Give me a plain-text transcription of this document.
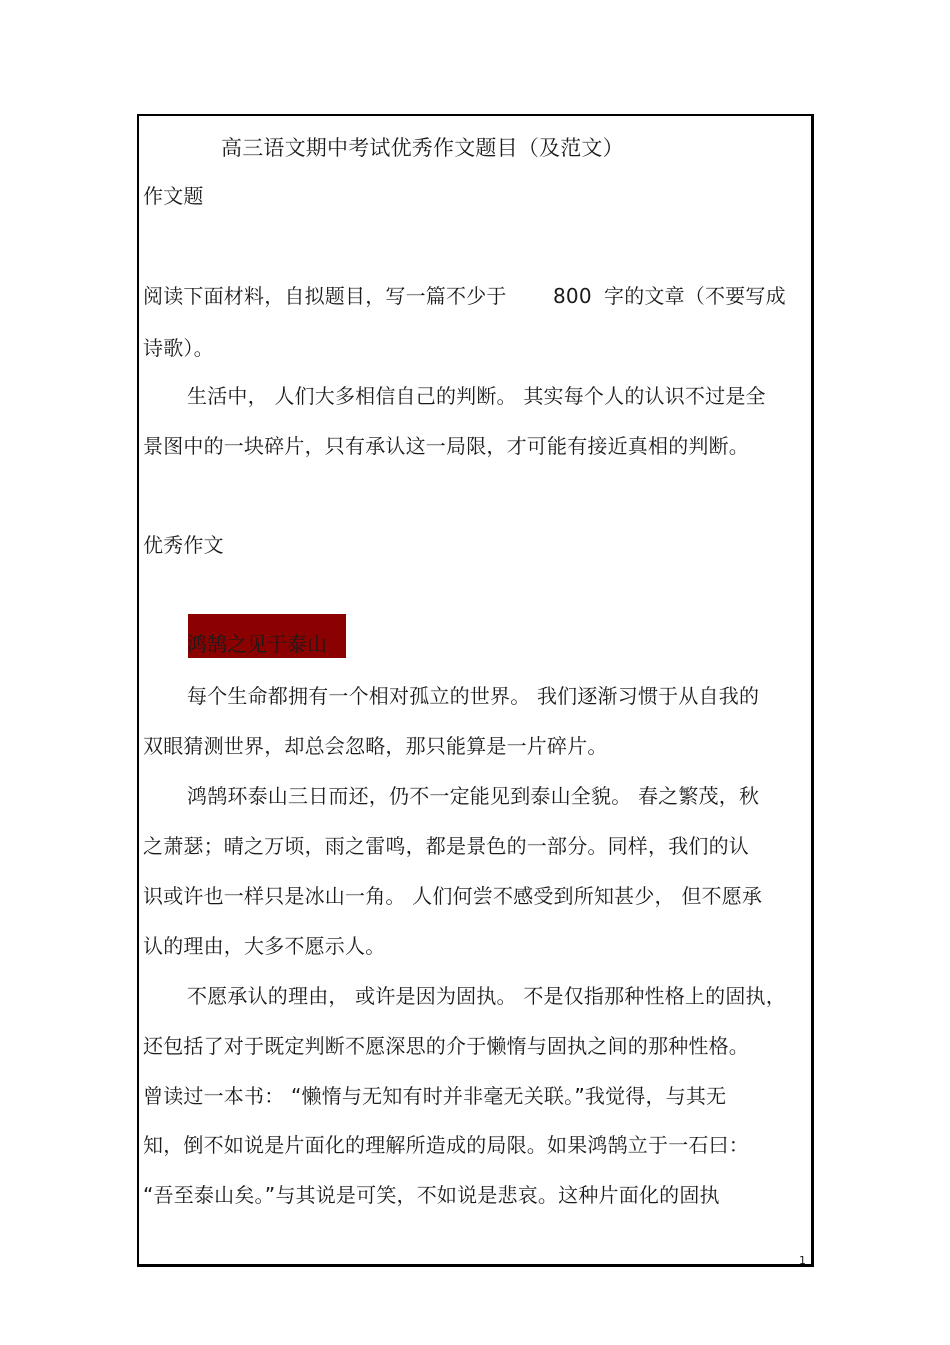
高三语文期中考试优秀作文题目（及范文）
作文题
阅读下面材料，自拟题目，写一篇不少于 800 字的文章（不要写成
诗歌）。
生活中， 人们大多相信自己的判断。 其实每个人的认识不过是全
景图中的一块碎片，只有承认这一局限，才可能有接近真相的判断。
优秀作文
鸿鹄之见于泰山
每个生命都拥有一个相对孤立的世界。 我们逐渐习惯于从自我的
双眼猜测世界，却总会忽略，那只能算是一片碎片。
鸿鹄环泰山三日而还，仍不一定能见到泰山全貌。 春之繁茂，秋
之萧瑟；晴之万顷，雨之雷鸣，都是景色的一部分。同样，我们的认
识或许也一样只是冰山一角。 人们何尝不感受到所知甚少， 但不愿承
认的理由，大多不愿示人。
不愿承认的理由， 或许是因为固执。 不是仅指那种性格上的固执，
还包括了对于既定判断不愿深思的介于懒惰与固执之间的那种性格。
曾读过一本书： “懒惰与无知有时并非毫无关联。”我觉得，与其无
知，倒不如说是片面化的理解所造成的局限。如果鸿鹄立于一石曰：
“吾至泰山矣。”与其说是可笑，不如说是悲哀。这种片面化的固执
1
